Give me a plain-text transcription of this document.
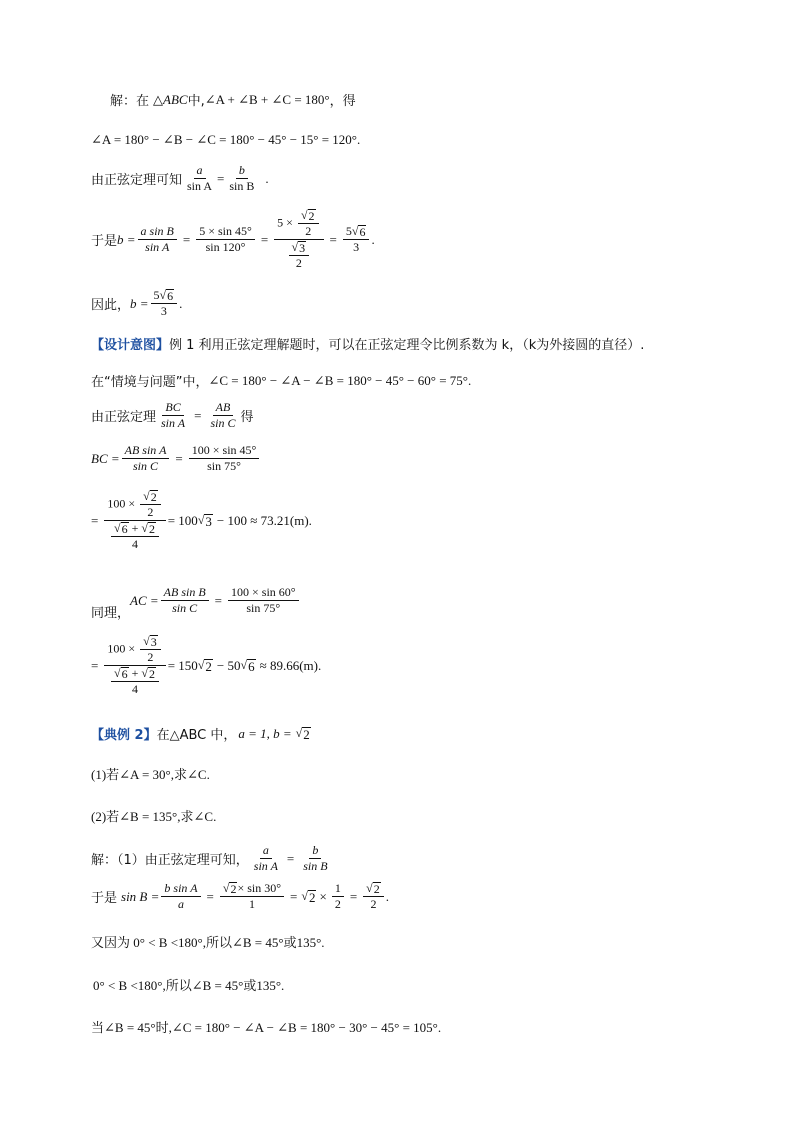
解：在 △ ABC 中, ∠A + ∠B + ∠C = 180° ，得
∠A = 180° − ∠B − ∠C = 180° − 45° − 15° = 120°.
由正弦定理可知 $\frac{a}{\text{sin A}} = \frac{b}{\text{sin B}}$ .
于是 $b = \frac{\text{a sin B}}{\text{sin A}} = \frac{5 \times \sin 45^\circ}{\sin 120^\circ} = \frac{5 \times \frac{√ 2}{2}}{\frac{√ 3}{2}} = \frac{5 √ 6}{3}$ .
因此， $b = \frac{5 √ 6}{3}$ .
【设计意图】 例 1 利用正弦定理解题时，可以在正弦定理令比例系数为 k，（k为外接圆的直径）.
在“情境与问题”中， ∠C = 180° − ∠A − ∠B = 180° − 45° − 60° = 75°.
由正弦定理 $\frac{BC}{\text{sin A}} = \frac{AB}{\text{sin C}}$ 得
BC = $\frac{\text{AB sin A}}{\text{sin C}} = \frac{100 \times \sin 45^\circ}{\sin 75^\circ}$
= $\frac{100 \times \frac{√ 2}{2}}{\frac{√ 6 + √ 2}{4}} = 100$ √ 3 − 100 ≈ 73.21(m).
同理，
AC = $\frac{\text{AB sin B}}{\text{sin C}} = \frac{100 \times \sin 60^\circ}{\sin 75^\circ}$
= $\frac{100 \times \frac{√ 3}{2}}{\frac{√ 6 + √ 2}{4}} = 150$ √ 2 − 50 √ 6 ≈ 89.66(m).
【典例 2】 在△ABC 中， a = 1, b = √ 2
(1)若∠A = 30°,求∠C.
(2)若∠B = 135°,求∠C.
解：（1）由正弦定理可知， $\frac{a}{\text{sin A}} = \frac{b}{\text{sin B}}$
于是 $\sin B = \frac{\text{b sin A}}{a} = \frac{√ 2 \times \sin 30^\circ}{1}$ = √ $2 \times \frac{1}{2} = \frac{√ 2}{2}$ .
又因为 0° < B <180°,所以∠B = 45°或135°.
0° < B <180°,所以∠B = 45°或135°.
当∠B = 45°时,∠C = 180° − ∠A − ∠B = 180° − 30° − 45° = 105°.
